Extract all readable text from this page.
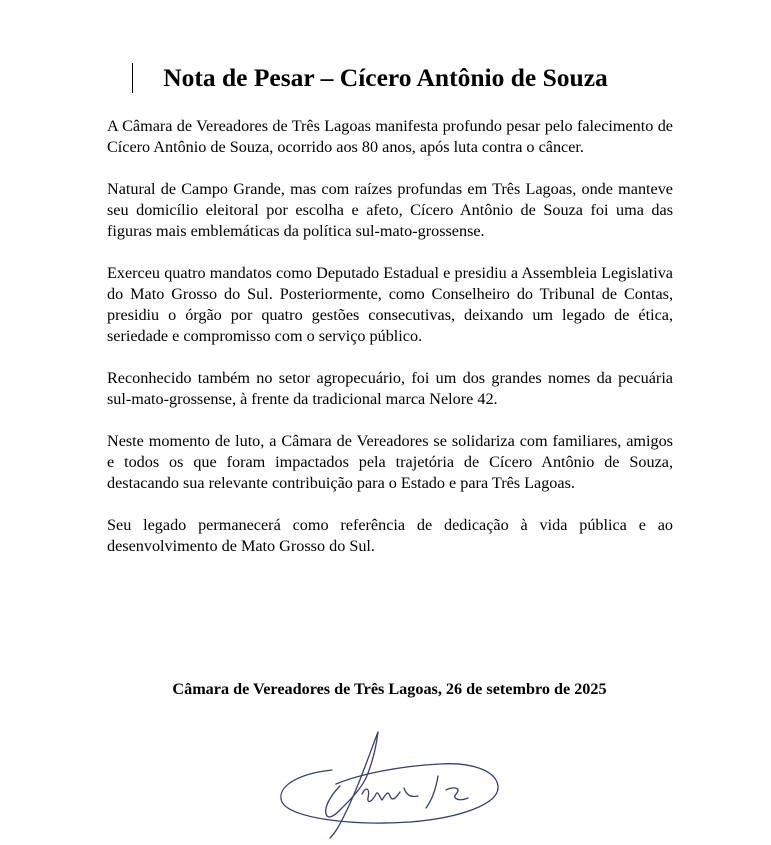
Nota de Pesar – Cícero Antônio de Souza

A Câmara de Vereadores de Três Lagoas manifesta profundo pesar pelo falecimento de Cícero Antônio de Souza, ocorrido aos 80 anos, após luta contra o câncer.

Natural de Campo Grande, mas com raízes profundas em Três Lagoas, onde manteve seu domicílio eleitoral por escolha e afeto, Cícero Antônio de Souza foi uma das figuras mais emblemáticas da política sul-mato-grossense.

Exerceu quatro mandatos como Deputado Estadual e presidiu a Assembleia Legislativa do Mato Grosso do Sul. Posteriormente, como Conselheiro do Tribunal de Contas, presidiu o órgão por quatro gestões consecutivas, deixando um legado de ética, seriedade e compromisso com o serviço público.

Reconhecido também no setor agropecuário, foi um dos grandes nomes da pecuária sul-mato-grossense, à frente da tradicional marca Nelore 42.

Neste momento de luto, a Câmara de Vereadores se solidariza com familiares, amigos e todos os que foram impactados pela trajetória de Cícero Antônio de Souza, destacando sua relevante contribuição para o Estado e para Três Lagoas.

Seu legado permanecerá como referência de dedicação à vida pública e ao desenvolvimento de Mato Grosso do Sul.

Câmara de Vereadores de Três Lagoas, 26 de setembro de 2025
